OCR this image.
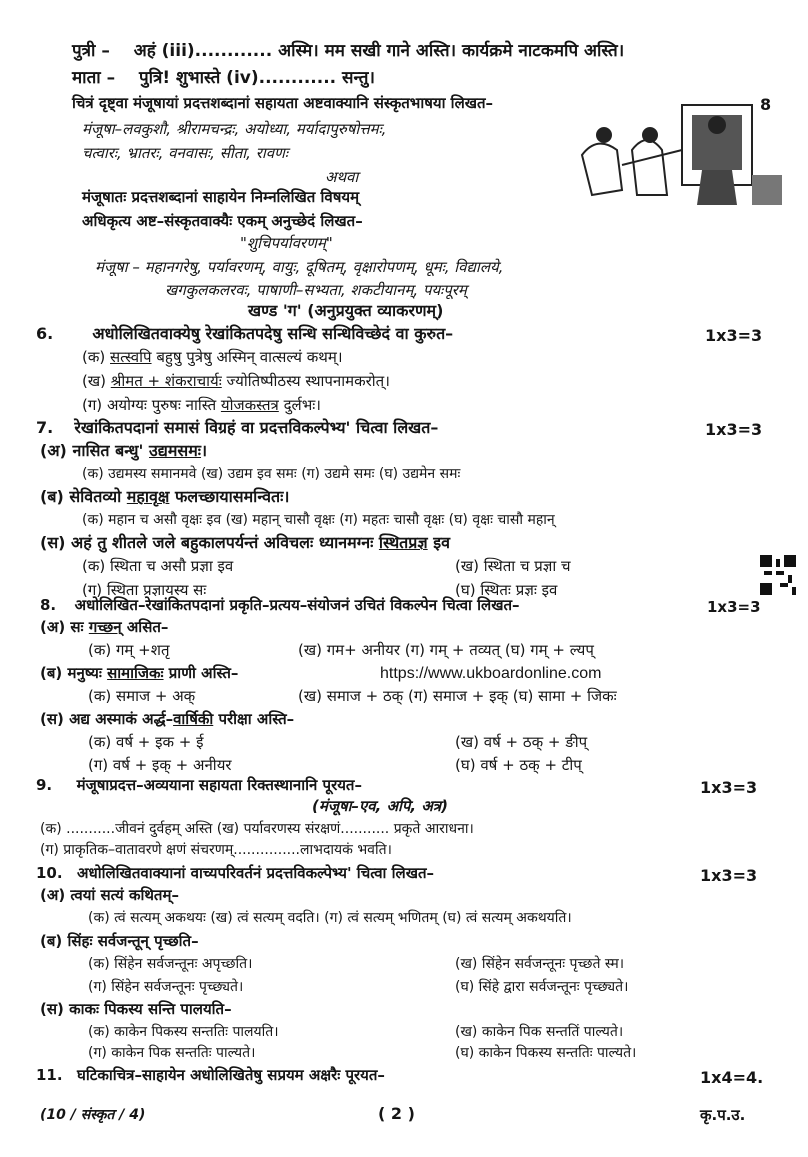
पुत्री – अहं (iii)............ अस्मि। मम सखी गाने अस्ति। कार्यक्रमे नाटकमपि अस्ति।
माता – पुत्रि! शुभास्ते (iv)............ सन्तु।
चित्रं दृष्ट्वा मंजूषायां प्रदत्तशब्दानां सहायता अष्टवाक्यानि संस्कृतभाषया लिखत–	8
मंजूषा–लवकुशौ, श्रीरामचन्द्रः, अयोध्या, मर्यादापुरुषोत्तमः,
चत्वारः, भ्रातरः, वनवासः, सीता, रावणः
अथवा
मंजूषातः प्रदत्तशब्दानां साहायेन निम्नलिखित विषयम्
अधिकृत्य अष्ट–संस्कृतवाक्यैः एकम् अनुच्छेदं लिखत–
"शुचिपर्यावरणम्"
मंजूषा – महानगरेषु, पर्यावरणम्, वायुः, दूषितम्, वृक्षारोपणम्, धूमः, विद्यालये,
खगकुलकलरवः, पाषाणी–सभ्यता, शकटीयानम्, पयःपूरम्
खण्ड 'ग' (अनुप्रयुक्त व्याकरणम्)
6. अधोलिखितवाक्येषु रेखांकितपदेषु सन्धि सन्धिविच्छेदं वा कुरुत–	1x3=3
(क) सत्स्वपि बहुषु पुत्रेषु अस्मिन् वात्सल्यं कथम्।
(ख) श्रीमत + शंकराचार्यः ज्योतिष्पीठस्य स्थापनामकरोत्।
(ग) अयोग्यः पुरुषः नास्ति योजकस्तत्र दुर्लभः।
7. रेखांकितपदानां समासं विग्रहं वा प्रदत्तविकल्पेभ्य' चित्वा लिखत–	1x3=3
(अ) नासित बन्धु' उद्यमसमः।
(क) उद्यमस्य समानमवे (ख) उद्यम इव समः (ग) उद्यमे समः (घ) उद्यमेन समः
(ब) सेवितव्यो महावृक्ष फलच्छायासमन्वितः।
(क) महान च असौ वृक्षः इव (ख) महान् चासौ वृक्षः (ग) महतः चासौ वृक्षः (घ) वृक्षः चासौ महान्
(स) अहं तु शीतले जले बहुकालपर्यन्तं अविचलः ध्यानमग्नः स्थितप्रज्ञ इव
(क) स्थिता च असौ प्रज्ञा इव	(ख) स्थिता च प्रज्ञा च
(ग) स्थिता प्रज्ञायस्य सः	(घ) स्थितः प्रज्ञः इव
8. अधोलिखित–रेखांकितपदानां प्रकृति–प्रत्यय–संयोजनं उचितं विकल्पेन चित्वा लिखत–	1x3=3
(अ) सः गच्छन् असित–
(क) गम् +शतृ	(ख) गम+ अनीयर (ग) गम् + तव्यत् (घ) गम् + ल्यप्
(ब) मनुष्यः सामाजिकः प्राणी अस्ति–	https://www.ukboardonline.com
(क) समाज + अक्	(ख) समाज + ठक् (ग) समाज + इक् (घ) सामा + जिकः
(स) अद्य अस्माकं अर्द्ध–वार्षिकी परीक्षा अस्ति–
(क) वर्ष + इक + ई	(ख) वर्ष + ठक् + ङीप्
(ग) वर्ष + इक् + अनीयर	(घ) वर्ष + ठक् + टीप्
9. मंजूषाप्रदत्त–अव्ययाना सहायता रिक्तस्थानानि पूरयत–	1x3=3
(मंजूषा–एव, अपि, अत्र)
(क) ...........जीवनं दुर्वहम् अस्ति (ख) पर्यावरणस्य संरक्षणं........... प्रकृते आराधना।
(ग) प्राकृतिक–वातावरणे क्षणं संचरणम्...............लाभदायकं भवति।
10. अधोलिखितवाक्यानां वाच्यपरिवर्तनं प्रदत्तविकल्पेभ्य' चित्वा लिखत–	1x3=3
(अ) त्वयां सत्यं कथितम्–
(क) त्वं सत्यम् अकथयः (ख) त्वं सत्यम् वदति। (ग) त्वं सत्यम् भणितम् (घ) त्वं सत्यम् अकथयति।
(ब) सिंहः सर्वजन्तून् पृच्छति–
(क) सिंहेन सर्वजन्तूनः अपृच्छति।	(ख) सिंहेन सर्वजन्तूनः पृच्छते स्म।
(ग) सिंहेन सर्वजन्तूनः पृच्छ्यते।	(घ) सिंहे द्वारा सर्वजन्तूनः पृच्छ्यते।
(स) काकः पिकस्य सन्ति पालयति–
(क) काकेन पिकस्य सन्ततिः पालयति।	(ख) काकेन पिक सन्ततिं पाल्यते।
(ग) काकेन पिक सन्ततिः पाल्यते।	(घ) काकेन पिकस्य सन्ततिः पाल्यते।
11. घटिकाचित्र–साहायेन अधोलिखितेषु सप्रयम अक्षरैः पूरयत–	1x4=4.
(10 / संस्कृत / 4)	( 2 )	कृ.प.उ.
